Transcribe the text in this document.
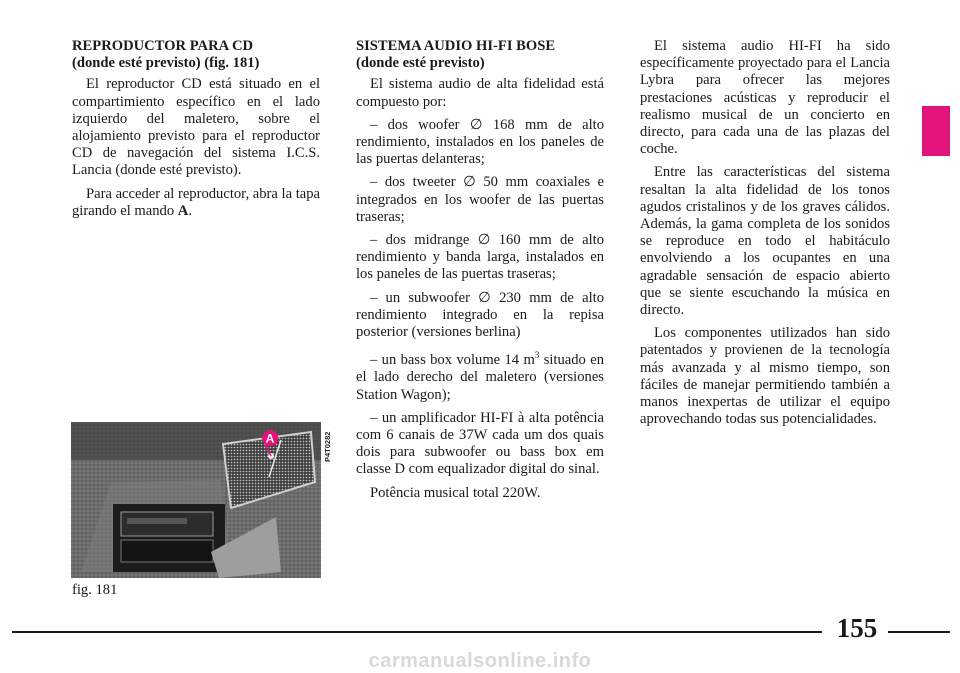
REPRODUCTOR PARA CD
(donde esté previsto) (fig. 181)

El reproductor CD está situado en el compartimiento específico en el lado izquierdo del maletero, sobre el alojamiento previsto para el reproductor CD de navegación del sistema I.C.S. Lancia (donde esté previsto).

Para acceder al reproductor, abra la tapa girando el mando A.

SISTEMA AUDIO HI-FI BOSE
(donde esté previsto)

El sistema audio de alta fidelidad está compuesto por:

– dos woofer ∅ 168 mm de alto rendimiento, instalados en los paneles de las puertas delanteras;

– dos tweeter ∅ 50 mm coaxiales e integrados en los woofer de las puertas traseras;

– dos midrange ∅ 160 mm de alto rendimiento y banda larga, instalados en los paneles de las puertas traseras;

– un subwoofer ∅ 230 mm de alto rendimiento integrado en la repisa posterior (versiones berlina)

– un bass box volume 14 $m^3$ situado en el lado derecho del maletero (versiones Station Wagon);

– un amplificador HI-FI à alta potência com 6 canais de 37W cada um dos quais dois para subwoofer ou bass box em classe D com equalizador digital do sinal.

Potência musical total 220W.

El sistema audio HI-FI ha sido específicamente proyectado para el Lancia Lybra para ofrecer las mejores prestaciones acústicas y reproducir el realismo musical de un concierto en directo, para cada una de las plazas del coche.

Entre las características del sistema resaltan la alta fidelidad de los tonos agudos cristalinos y de los graves cálidos. Además, la gama completa de los sonidos se reproduce en todo el habitáculo envolviendo a los ocupantes en una agradable sensación de espacio abierto que se siente escuchando la música en directo.

Los componentes utilizados han sido patentados y provienen de la tecnología más avanzada y al mismo tiempo, son fáciles de manejar permitiendo también a manos inexpertas de utilizar el equipo aprovechando todas sus potencialidades.

A	P4T0282
fig. 181
155
carmanualsonline.info
